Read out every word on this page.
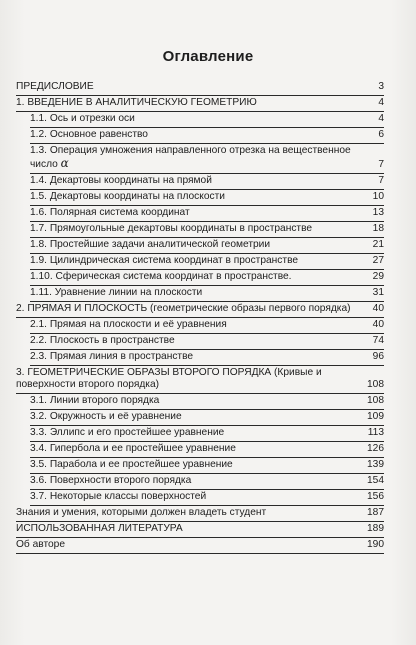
Оглавление
ПРЕДИСЛОВИЕ	3
1. ВВЕДЕНИЕ В АНАЛИТИЧЕСКУЮ ГЕОМЕТРИЮ	4
1.1. Ось и отрезки оси	4
1.2. Основное равенство	6
1.3. Операция умножения направленного отрезка на вещественное число α	7
1.4. Декартовы координаты на прямой	7
1.5. Декартовы координаты на плоскости	10
1.6. Полярная система координат	13
1.7. Прямоугольные декартовы координаты в пространстве	18
1.8. Простейшие задачи аналитической геометрии	21
1.9. Цилиндрическая система координат в пространстве	27
1.10. Сферическая система координат в пространстве.	29
1.11. Уравнение линии на плоскости	31
2. ПРЯМАЯ И ПЛОСКОСТЬ (геометрические образы первого порядка)	40
2.1. Прямая на плоскости и её уравнения	40
2.2. Плоскость в пространстве	74
2.3. Прямая линия в пространстве	96
3. ГЕОМЕТРИЧЕСКИЕ ОБРАЗЫ ВТОРОГО ПОРЯДКА (Кривые и поверхности второго порядка)	108
3.1. Линии второго порядка	108
3.2. Окружность и её уравнение	109
3.3. Эллипс и его простейшее уравнение	113
3.4. Гипербола и ее простейшее уравнение	126
3.5. Парабола и ее простейшее уравнение	139
3.6. Поверхности второго порядка	154
3.7. Некоторые классы поверхностей	156
Знания и умения, которыми должен владеть студент	187
ИСПОЛЬЗОВАННАЯ ЛИТЕРАТУРА	189
Об авторе	190
